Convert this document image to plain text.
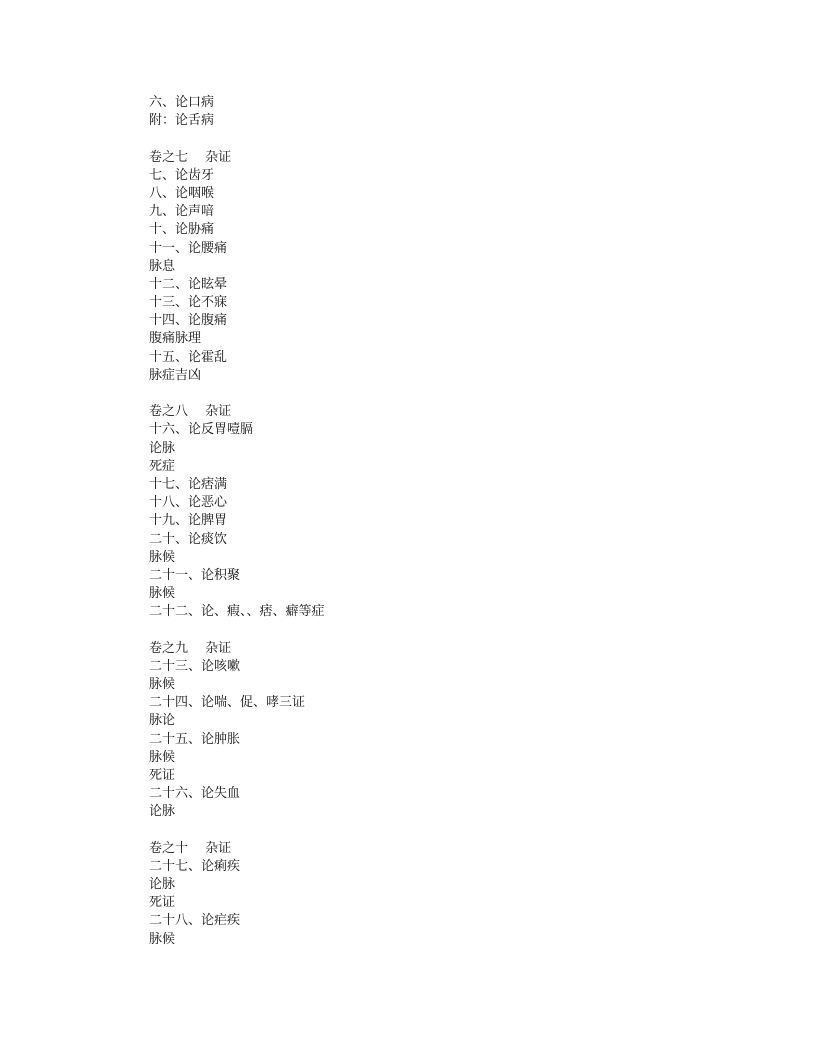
六、论口病
附：论舌病
卷之七　 杂证
七、论齿牙
八、论咽喉
九、论声喑
十、论胁痛
十一、论腰痛
脉息
十二、论眩晕
十三、论不寐
十四、论腹痛
腹痛脉理
十五、论霍乱
脉症吉凶
卷之八　 杂证
十六、论反胃噎膈
论脉
死症
十七、论痞满
十八、论恶心
十九、论脾胃
二十、论痰饮
脉候
二十一、论积聚
脉候
二十二、论、瘕、、痞、癖等症
卷之九　 杂证
二十三、论咳嗽
脉候
二十四、论喘、促、哮三证
脉论
二十五、论肿胀
脉候
死证
二十六、论失血
论脉
卷之十　 杂证
二十七、论痢疾
论脉
死证
二十八、论疟疾
脉候
